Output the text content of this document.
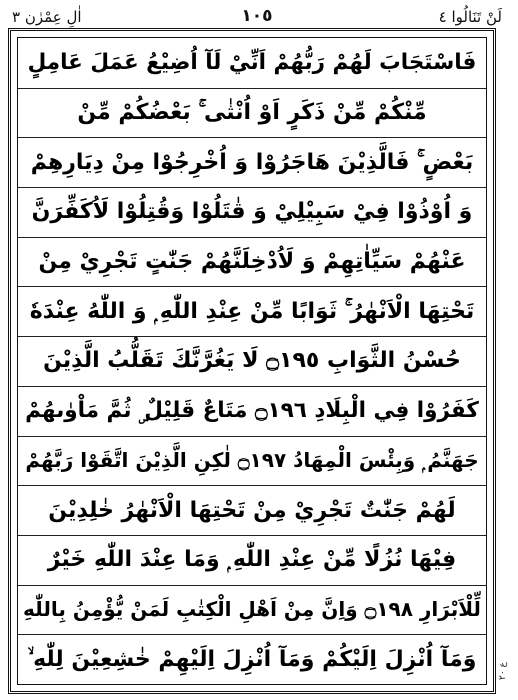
اٰلِ عِمْرٰن ٣	١٠٥	لَنْ تَنَالُوا ٤
فَاسْتَجَابَ لَهُمْ رَبُّهُمْ اَنِّيْ لَآ اُضِيْعُ عَمَلَ عَامِلٍ
مِّنْكُمْ مِّنْ ذَكَرٍ اَوْ اُنْثٰى ۚ بَعْضُكُمْ مِّنْ
بَعْضٍ ۚ فَالَّذِيْنَ هَاجَرُوْا وَ اُخْرِجُوْا مِنْ دِيَارِهِمْ
وَ اُوْذُوْا فِيْ سَبِيْلِيْ وَ قٰتَلُوْا وَقُتِلُوْا لَاُكَفِّرَنَّ
عَنْهُمْ سَيِّاٰتِهِمْ وَ لَاُدْخِلَنَّهُمْ جَنّٰتٍ تَجْرِيْ مِنْ
تَحْتِهَا الْاَنْهٰرُ ۚ ثَوَابًا مِّنْ عِنْدِ اللّٰهِ ۭ وَ اللّٰهُ عِنْدَهٗ
حُسْنُ الثَّوَابِ ۝١٩٥ لَا يَغُرَّنَّكَ تَقَلُّبُ الَّذِيْنَ
كَفَرُوْا فِي الْبِلَادِ ۝١٩٦ مَتَاعٌ قَلِيْلٌ ۣ ثُمَّ مَاْوٰىهُمْ
جَهَنَّمُ ۭ وَبِئْسَ الْمِهَادُ ۝١٩٧ لٰكِنِ الَّذِيْنَ اتَّقَوْا رَبَّهُمْ
لَهُمْ جَنّٰتٌ تَجْرِيْ مِنْ تَحْتِهَا الْاَنْهٰرُ خٰلِدِيْنَ
فِيْهَا نُزُلًا مِّنْ عِنْدِ اللّٰهِ ۭ وَمَا عِنْدَ اللّٰهِ خَيْرٌ
لِّلْاَبْرَارِ ۝١٩٨ وَاِنَّ مِنْ اَهْلِ الْكِتٰبِ لَمَنْ يُّؤْمِنُ بِاللّٰهِ
وَمَآ اُنْزِلَ اِلَيْكُمْ وَمَآ اُنْزِلَ اِلَيْهِمْ خٰشِعِيْنَ لِلّٰهِ ۙ
ع ٢٠
